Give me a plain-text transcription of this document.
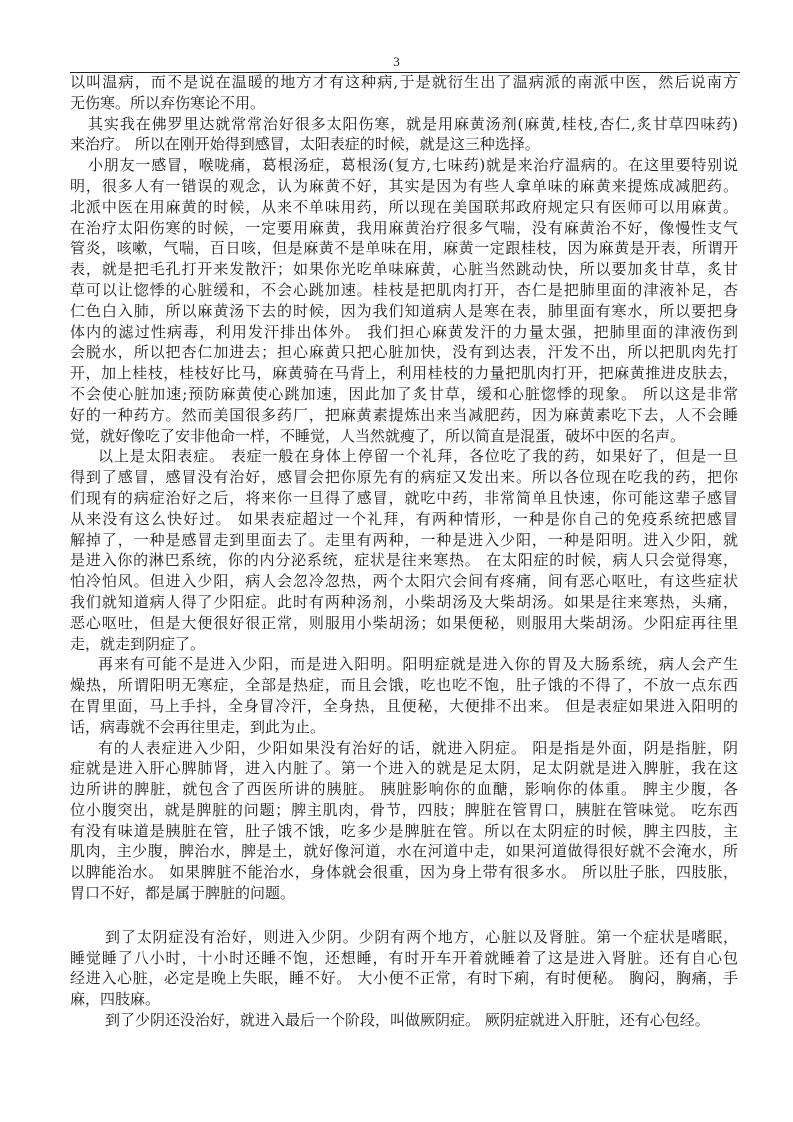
3
以叫温病，而不是说在温暖的地方才有这种病,于是就衍生出了温病派的南派中医，然后说南方
无伤寒。所以弃伤寒论不用。
其实我在佛罗里达就常常治好很多太阳伤寒，就是用麻黄汤剂(麻黄,桂枝,杏仁,炙甘草四味药)
来治疗。 所以在刚开始得到感冒，太阳表症的时候，就是这三种选择。
小朋友一感冒，喉咙痛，葛根汤症，葛根汤(复方,七味药)就是来治疗温病的。在这里要特别说
明，很多人有一错误的观念，认为麻黄不好，其实是因为有些人拿单味的麻黄来提炼成减肥药。
北派中医在用麻黄的时候，从来不单味用药，所以现在美国联邦政府规定只有医师可以用麻黄。
在治疗太阳伤寒的时候，一定要用麻黄，我用麻黄治疗很多气喘，没有麻黄治不好，像慢性支气
管炎，咳嗽，气喘，百日咳，但是麻黄不是单味在用，麻黄一定跟桂枝，因为麻黄是开表，所谓开
表，就是把毛孔打开来发散汗；如果你光吃单味麻黄，心脏当然跳动快，所以要加炙甘草，炙甘
草可以让惚悸的心脏缓和，不会心跳加速。桂枝是把肌肉打开，杏仁是把肺里面的津液补足，杏
仁色白入肺，所以麻黄汤下去的时候，因为我们知道病人是寒在表，肺里面有寒水，所以要把身
体内的滤过性病毒，利用发汗排出体外。 我们担心麻黄发汗的力量太强，把肺里面的津液伤到
会脱水，所以把杏仁加进去；担心麻黄只把心脏加快，没有到达表，汗发不出，所以把肌肉先打
开，加上桂枝，桂枝好比马，麻黄骑在马背上，利用桂枝的力量把肌肉打开，把麻黄推进皮肤去，
不会使心脏加速;预防麻黄使心跳加速，因此加了炙甘草，缓和心脏惚悸的现象。 所以这是非常
好的一种药方。然而美国很多药厂，把麻黄素提炼出来当减肥药，因为麻黄素吃下去，人不会睡
觉，就好像吃了安非他命一样，不睡觉，人当然就瘦了，所以简直是混蛋，破坏中医的名声。
以上是太阳表症。 表症一般在身体上停留一个礼拜，各位吃了我的药，如果好了，但是一旦
得到了感冒，感冒没有治好，感冒会把你原先有的病症又发出来。所以各位现在吃我的药，把你
们现有的病症治好之后，将来你一旦得了感冒，就吃中药，非常简单且快速，你可能这辈子感冒
从来没有这么快好过。 如果表症超过一个礼拜，有两种情形，一种是你自己的免疫系统把感冒
解掉了，一种是感冒走到里面去了。走里有两种，一种是进入少阳，一种是阳明。进入少阳，就
是进入你的淋巴系统，你的内分泌系统，症状是往来寒热。 在太阳症的时候，病人只会觉得寒，
怕冷怕风。但进入少阳，病人会忽冷忽热，两个太阳穴会间有疼痛，间有恶心呕吐，有这些症状
我们就知道病人得了少阳症。此时有两种汤剂，小柴胡汤及大柴胡汤。如果是往来寒热，头痛，
恶心呕吐，但是大便很好很正常，则服用小柴胡汤；如果便秘，则服用大柴胡汤。少阳症再往里
走，就走到阴症了。
再来有可能不是进入少阳，而是进入阳明。阳明症就是进入你的胃及大肠系统，病人会产生
燥热，所谓阳明无寒症，全部是热症，而且会饿，吃也吃不饱，肚子饿的不得了，不放一点东西
在胃里面，马上手抖，全身冒冷汗，全身热，且便秘，大便排不出来。 但是表症如果进入阳明的
话，病毒就不会再往里走，到此为止。
有的人表症进入少阳，少阳如果没有治好的话，就进入阴症。 阳是指是外面，阴是指脏，阴
症就是进入肝心脾肺肾，进入内脏了。第一个进入的就是足太阴，足太阴就是进入脾脏，我在这
边所讲的脾脏，就包含了西医所讲的胰脏。 胰脏影响你的血醣，影响你的体重。 脾主少腹，各
位小腹突出，就是脾脏的问题；脾主肌肉，骨节，四肢；脾脏在管胃口，胰脏在管味觉。 吃东西
有没有味道是胰脏在管，肚子饿不饿，吃多少是脾脏在管。所以在太阴症的时候，脾主四肢，主
肌肉，主少腹，脾治水，脾是土，就好像河道，水在河道中走，如果河道做得很好就不会淹水，所
以脾能治水。 如果脾脏不能治水，身体就会很重，因为身上带有很多水。 所以肚子胀，四肢胀，
胃口不好，都是属于脾脏的问题。
到了太阴症没有治好，则进入少阴。少阴有两个地方，心脏以及肾脏。第一个症状是嗜眠，
睡觉睡了八小时，十小时还睡不饱，还想睡，有时开车开着就睡着了这是进入肾脏。还有自心包
经进入心脏，必定是晚上失眠，睡不好。 大小便不正常，有时下痢，有时便秘。 胸闷，胸痛，手
麻，四肢麻。
到了少阴还没治好，就进入最后一个阶段，叫做厥阴症。 厥阴症就进入肝脏，还有心包经。
